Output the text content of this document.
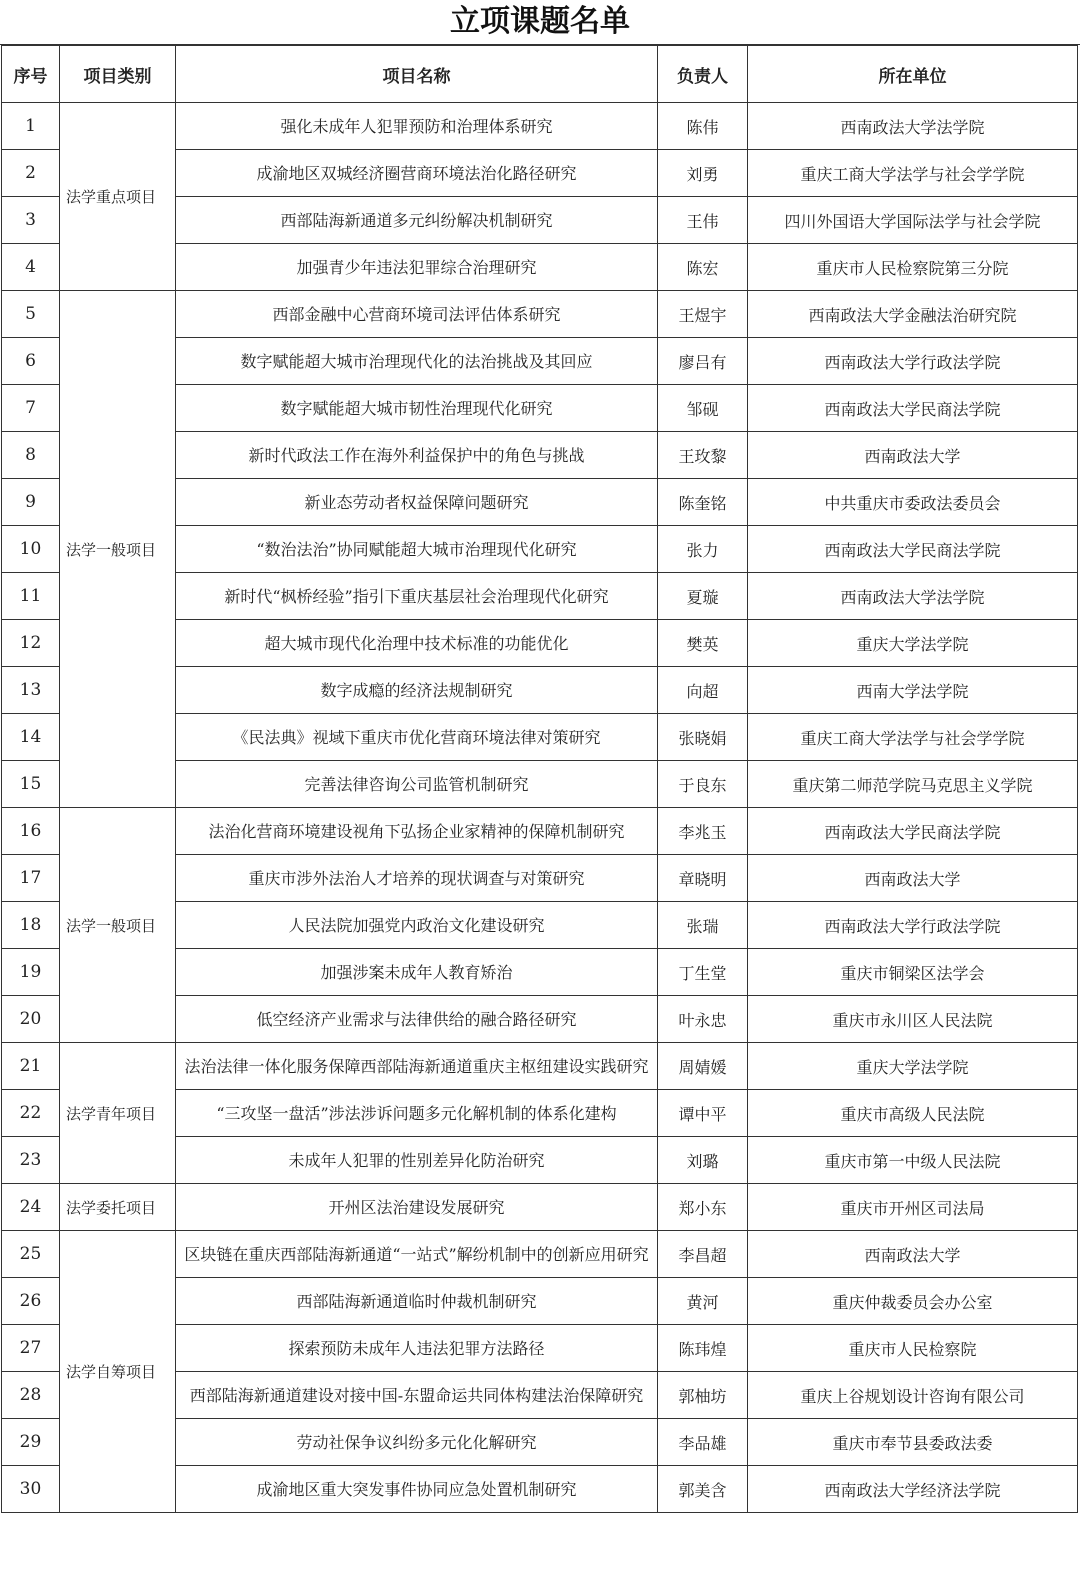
立项课题名单
序号	项目类别	项目名称	负责人	所在单位
1	法学重点项目	强化未成年人犯罪预防和治理体系研究	陈伟	西南政法大学法学院
2		成渝地区双城经济圈营商环境法治化路径研究	刘勇	重庆工商大学法学与社会学学院
3		西部陆海新通道多元纠纷解决机制研究	王伟	四川外国语大学国际法学与社会学院
4		加强青少年违法犯罪综合治理研究	陈宏	重庆市人民检察院第三分院
5	法学一般项目	西部金融中心营商环境司法评估体系研究	王煜宇	西南政法大学金融法治研究院
6		数字赋能超大城市治理现代化的法治挑战及其回应	廖吕有	西南政法大学行政法学院
7		数字赋能超大城市韧性治理现代化研究	邹砚	西南政法大学民商法学院
8		新时代政法工作在海外利益保护中的角色与挑战	王玫黎	西南政法大学
9		新业态劳动者权益保障问题研究	陈奎铭	中共重庆市委政法委员会
10		“数治法治”协同赋能超大城市治理现代化研究	张力	西南政法大学民商法学院
11		新时代“枫桥经验”指引下重庆基层社会治理现代化研究	夏璇	西南政法大学法学院
12		超大城市现代化治理中技术标准的功能优化	樊英	重庆大学法学院
13		数字成瘾的经济法规制研究	向超	西南大学法学院
14		《民法典》视域下重庆市优化营商环境法律对策研究	张晓娟	重庆工商大学法学与社会学学院
15		完善法律咨询公司监管机制研究	于良东	重庆第二师范学院马克思主义学院
16	法学一般项目	法治化营商环境建设视角下弘扬企业家精神的保障机制研究	李兆玉	西南政法大学民商法学院
17		重庆市涉外法治人才培养的现状调查与对策研究	章晓明	西南政法大学
18		人民法院加强党内政治文化建设研究	张瑞	西南政法大学行政法学院
19		加强涉案未成年人教育矫治	丁生堂	重庆市铜梁区法学会
20		低空经济产业需求与法律供给的融合路径研究	叶永忠	重庆市永川区人民法院
21	法学青年项目	法治法律一体化服务保障西部陆海新通道重庆主枢纽建设实践研究	周婧媛	重庆大学法学院
22		“三攻坚一盘活”涉法涉诉问题多元化解机制的体系化建构	谭中平	重庆市高级人民法院
23		未成年人犯罪的性别差异化防治研究	刘璐	重庆市第一中级人民法院
24	法学委托项目	开州区法治建设发展研究	郑小东	重庆市开州区司法局
25	法学自筹项目	区块链在重庆西部陆海新通道“一站式”解纷机制中的创新应用研究	李昌超	西南政法大学
26		西部陆海新通道临时仲裁机制研究	黄河	重庆仲裁委员会办公室
27		探索预防未成年人违法犯罪方法路径	陈玮煌	重庆市人民检察院
28		西部陆海新通道建设对接中国-东盟命运共同体构建法治保障研究	郭柚坊	重庆上谷规划设计咨询有限公司
29		劳动社保争议纠纷多元化化解研究	李品雄	重庆市奉节县委政法委
30		成渝地区重大突发事件协同应急处置机制研究	郭美含	西南政法大学经济法学院
